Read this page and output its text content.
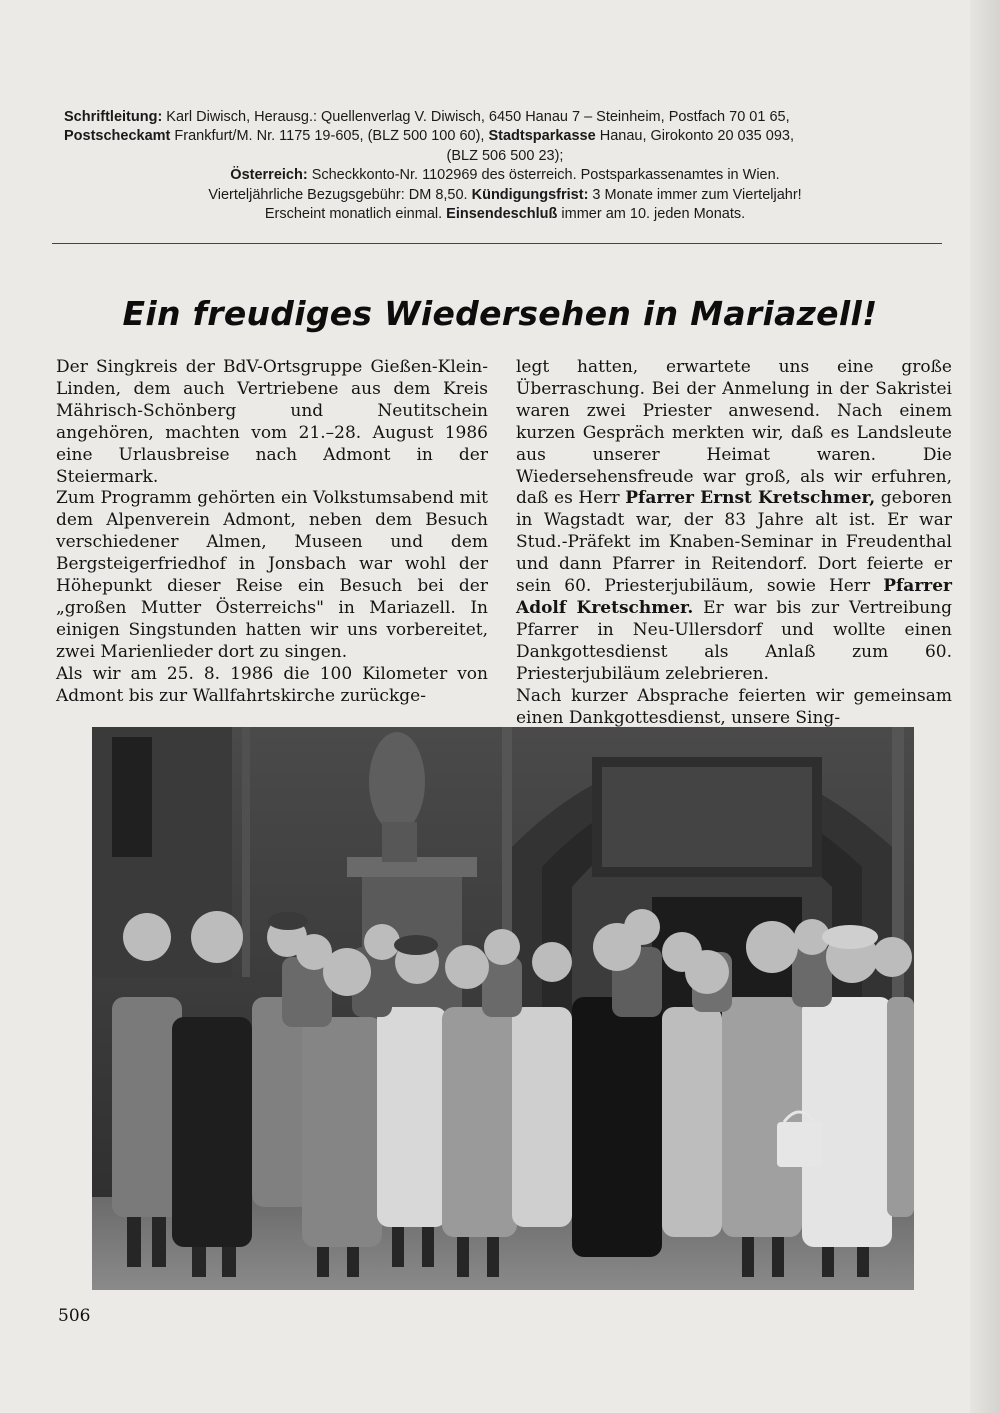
Schriftleitung: Karl Diwisch, Herausg.: Quellenverlag V. Diwisch, 6450 Hanau 7 – Steinheim, Postfach 70 01 65,
Postscheckamt Frankfurt/M. Nr. 1175 19-605, (BLZ 500 100 60), Stadtsparkasse Hanau, Girokonto 20 035 093,
(BLZ 506 500 23);
Österreich: Scheckkonto-Nr. 1102969 des österreich. Postsparkassenamtes in Wien.
Vierteljährliche Bezugsgebühr: DM 8,50. Kündigungsfrist: 3 Monate immer zum Vierteljahr!
Erscheint monatlich einmal. Einsendeschluß immer am 10. jeden Monats.
Ein freudiges Wiedersehen in Mariazell!

Der Singkreis der BdV-Ortsgruppe Gießen-Klein-Linden, dem auch Vertriebene aus dem Kreis Mährisch-Schönberg und Neutitschein angehören, machten vom 21.–28. August 1986 eine Urlausbreise nach Admont in der Steiermark.

Zum Programm gehörten ein Volkstumsabend mit dem Alpenverein Admont, neben dem Besuch verschiedener Almen, Museen und dem Bergsteigerfriedhof in Jonsbach war wohl der Höhepunkt dieser Reise ein Besuch bei der „großen Mutter Österreichs" in Mariazell. In einigen Singstunden hatten wir uns vorbereitet, zwei Marienlieder dort zu singen.

Als wir am 25. 8. 1986 die 100 Kilometer von Admont bis zur Wallfahrtskirche zurückge-

legt hatten, erwartete uns eine große Überraschung. Bei der Anmelung in der Sakristei waren zwei Priester anwesend. Nach einem kurzen Gespräch merkten wir, daß es Landsleute aus unserer Heimat waren. Die Wiedersehensfreude war groß, als wir erfuhren, daß es Herr Pfarrer Ernst Kretschmer, geboren in Wagstadt war, der 83 Jahre alt ist. Er war Stud.-Präfekt im Knaben-Seminar in Freudenthal und dann Pfarrer in Reitendorf. Dort feierte er sein 60. Priesterjubiläum, sowie Herr Pfarrer Adolf Kretschmer. Er war bis zur Vertreibung Pfarrer in Neu-Ullersdorf und wollte einen Dankgottesdienst als Anlaß zum 60. Priesterjubiläum zelebrieren.

Nach kurzer Absprache feierten wir gemeinsam einen Dankgottesdienst, unsere Sing-

506
